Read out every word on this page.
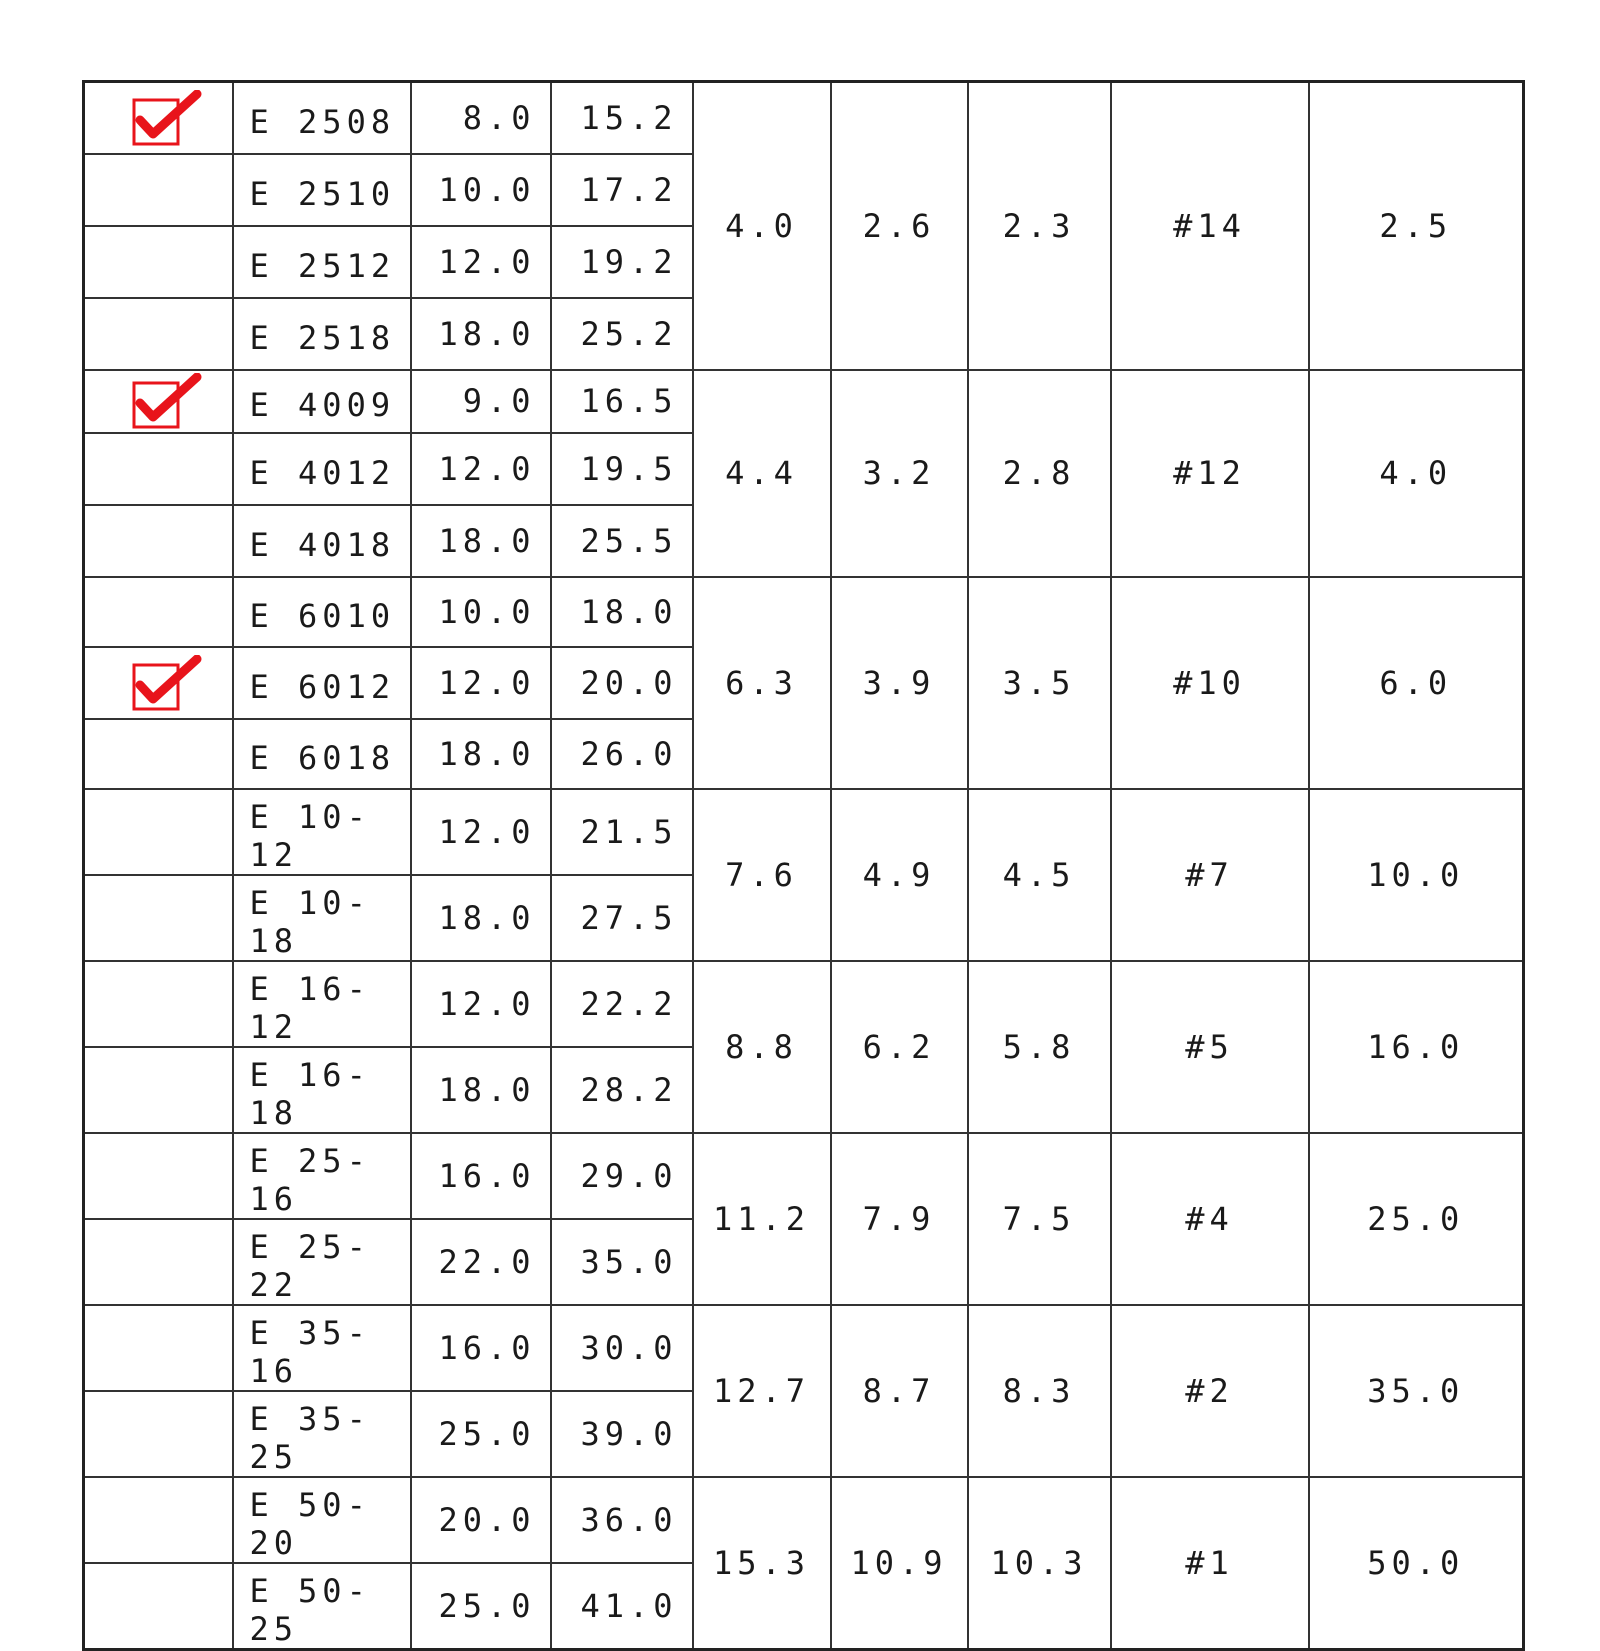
	E 2508	8.0	15.2	4.0	2.6	2.3	#14	2.5
	E 2510	10.0	17.2					
	E 2512	12.0	19.2					
	E 2518	18.0	25.2					
	E 4009	9.0	16.5	4.4	3.2	2.8	#12	4.0
	E 4012	12.0	19.5					
	E 4018	18.0	25.5					
	E 6010	10.0	18.0	6.3	3.9	3.5	#10	6.0
	E 6012	12.0	20.0					
	E 6018	18.0	26.0					
	E 10-12	12.0	21.5	7.6	4.9	4.5	#7	10.0
	E 10-18	18.0	27.5					
	E 16-12	12.0	22.2	8.8	6.2	5.8	#5	16.0
	E 16-18	18.0	28.2					
	E 25-16	16.0	29.0	11.2	7.9	7.5	#4	25.0
	E 25-22	22.0	35.0					
	E 35-16	16.0	30.0	12.7	8.7	8.3	#2	35.0
	E 35-25	25.0	39.0					
	E 50-20	20.0	36.0	15.3	10.9	10.3	#1	50.0
	E 50-25	25.0	41.0					
